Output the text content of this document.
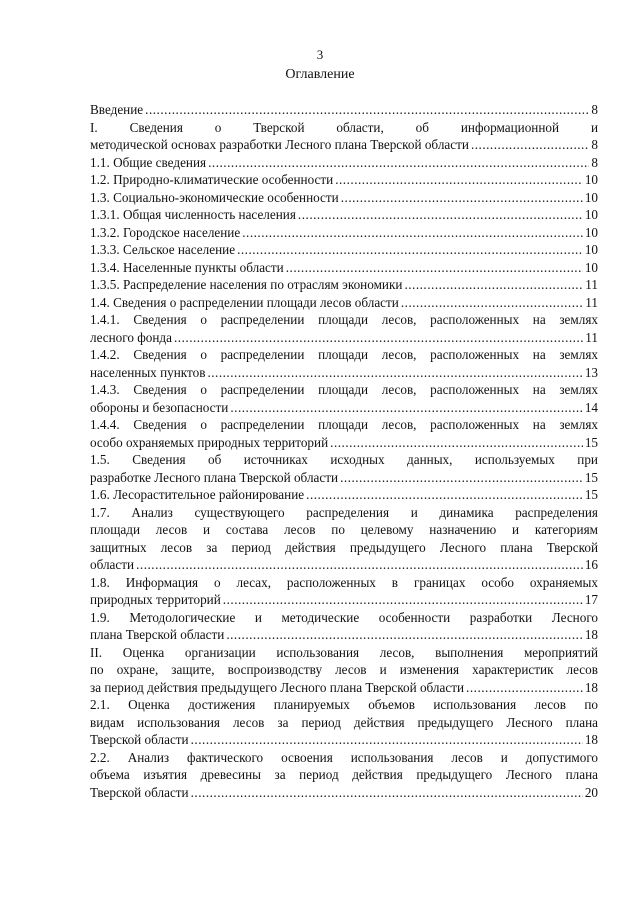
3
Оглавление
Введение .....	8
I. Сведения о Тверской области, об информационной и
методической основах разработки Лесного плана Тверской области .....	8
1.1. Общие сведения .....	8
1.2. Природно-климатические особенности .....	10
1.3. Социально-экономические особенности .....	10
1.3.1. Общая численность населения .....	10
1.3.2. Городское население .....	10
1.3.3. Сельское население .....	10
1.3.4. Населенные пункты области .....	10
1.3.5. Распределение населения по отраслям экономики .....	11
1.4. Сведения о распределении площади лесов области .....	11
1.4.1. Сведения о распределении площади лесов, расположенных на землях
лесного фонда .....	11
1.4.2. Сведения о распределении площади лесов, расположенных на землях
населенных пунктов .....	13
1.4.3. Сведения о распределении площади лесов, расположенных на землях
обороны и безопасности .....	14
1.4.4. Сведения о распределении площади лесов, расположенных на землях
особо охраняемых природных территорий .....	15
1.5. Сведения об источниках исходных данных, используемых при
разработке Лесного плана Тверской области .....	15
1.6. Лесорастительное районирование .....	15
1.7. Анализ существующего распределения и динамика распределения
площади лесов и состава лесов по целевому назначению и категориям
защитных лесов за период действия предыдущего Лесного плана Тверской
области .....	16
1.8. Информация о лесах, расположенных в границах особо охраняемых
природных территорий .....	17
1.9. Методологические и методические особенности разработки Лесного
плана Тверской области .....	18
II. Оценка организации использования лесов, выполнения мероприятий
по охране, защите, воспроизводству лесов и изменения характеристик лесов
за период действия предыдущего Лесного плана Тверской области .....	18
2.1. Оценка достижения планируемых объемов использования лесов по
видам использования лесов за период действия предыдущего Лесного плана
Тверской области .....	18
2.2. Анализ фактического освоения использования лесов и допустимого
объема изъятия древесины за период действия предыдущего Лесного плана
Тверской области .....	20
